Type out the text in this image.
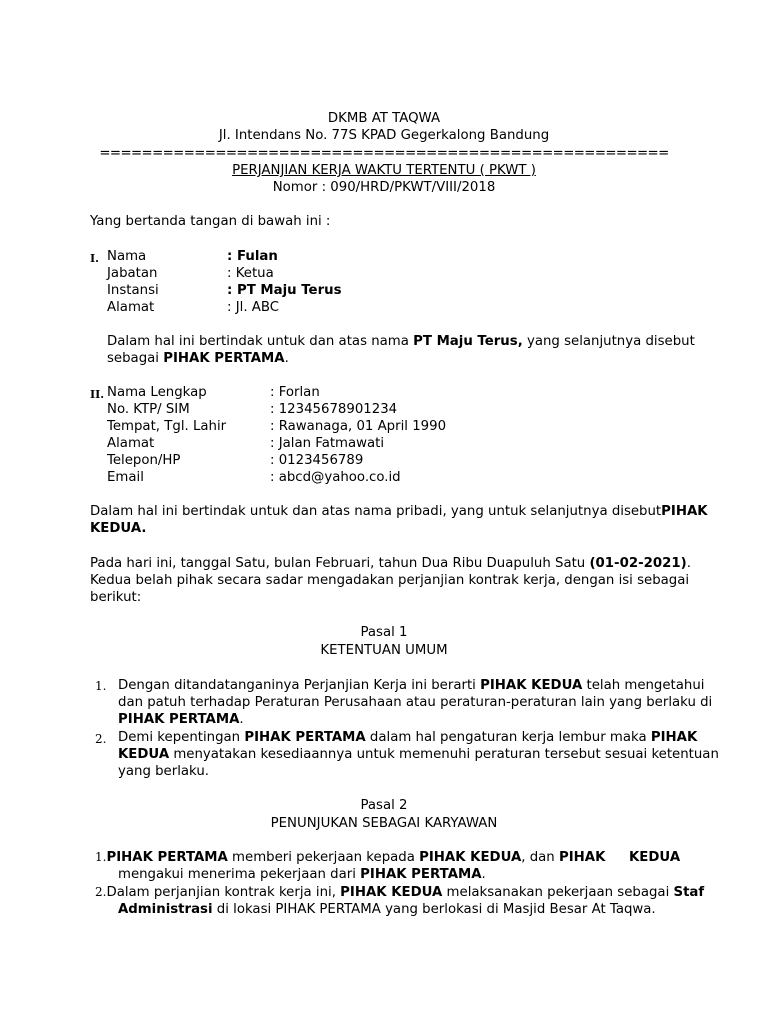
DKMB AT TAQWA
Jl. Intendans No. 77S KPAD Gegerkalong Bandung
======================================================
PERJANJIAN KERJA WAKTU TERTENTU ( PKWT )
Nomor : 090/HRD/PKWT/VIII/2018
Yang bertanda tangan di bawah ini :
I. Nama	: Fulan
Jabatan	: Ketua
Instansi	: PT Maju Terus
Alamat	: Jl. ABC
Dalam hal ini bertindak untuk dan atas nama PT Maju Terus, yang selanjutnya disebut
sebagai PIHAK PERTAMA.
II. Nama Lengkap	: Forlan
No. KTP/ SIM	: 12345678901234
Tempat, Tgl. Lahir	: Rawanaga, 01 April 1990
Alamat	: Jalan Fatmawati
Telepon/HP	: 0123456789
Email	: abcd@yahoo.co.id
Dalam hal ini bertindak untuk dan atas nama pribadi, yang untuk selanjutnya disebut PIHAK
KEDUA.
Pada hari ini, tanggal Satu, bulan Februari, tahun Dua Ribu Duapuluh Satu (01-02-2021).
Kedua belah pihak secara sadar mengadakan perjanjian kontrak kerja, dengan isi sebagai
berikut:
Pasal 1
KETENTUAN UMUM
1. Dengan ditandatanganinya Perjanjian Kerja ini berarti PIHAK KEDUA telah mengetahui
dan patuh terhadap Peraturan Perusahaan atau peraturan-peraturan lain yang berlaku di
PIHAK PERTAMA.
2. Demi kepentingan PIHAK PERTAMA dalam hal pengaturan kerja lembur maka PIHAK
KEDUA menyatakan kesediaannya untuk memenuhi peraturan tersebut sesuai ketentuan
yang berlaku.
Pasal 2
PENUNJUKAN SEBAGAI KARYAWAN
1.PIHAK PERTAMA memberi pekerjaan kepada PIHAK KEDUA, dan PIHAK KEDUA
mengakui menerima pekerjaan dari PIHAK PERTAMA.
2.Dalam perjanjian kontrak kerja ini, PIHAK KEDUA melaksanakan pekerjaan sebagai Staf
Administrasi di lokasi PIHAK PERTAMA yang berlokasi di Masjid Besar At Taqwa.
